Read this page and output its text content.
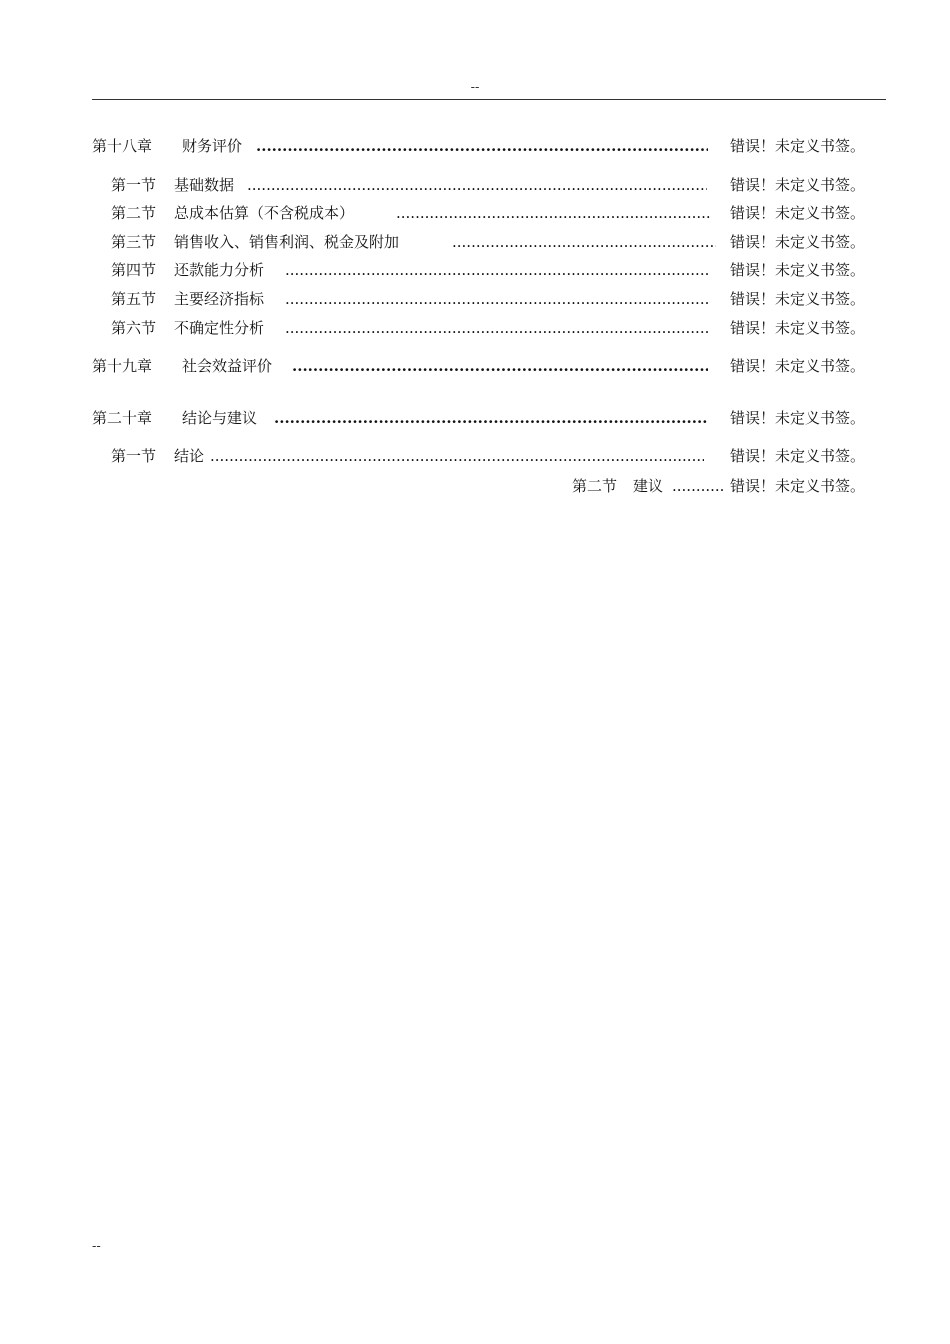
--
第十八章 财务评价 .....	错误！未定义书签。
第一节 基础数据 .....	错误！未定义书签。
第二节 总成本估算（不含税成本） .....	错误！未定义书签。
第三节 销售收入、销售利润、税金及附加 .....	错误！未定义书签。
第四节 还款能力分析 .....	错误！未定义书签。
第五节 主要经济指标 .....	错误！未定义书签。
第六节 不确定性分析 .....	错误！未定义书签。
第十九章 社会效益评价 .....	错误！未定义书签。
第二十章 结论与建议 .....	错误！未定义书签。
第一节 结论 .....	错误！未定义书签。
第二节 建议 .....	错误！未定义书签。
--
